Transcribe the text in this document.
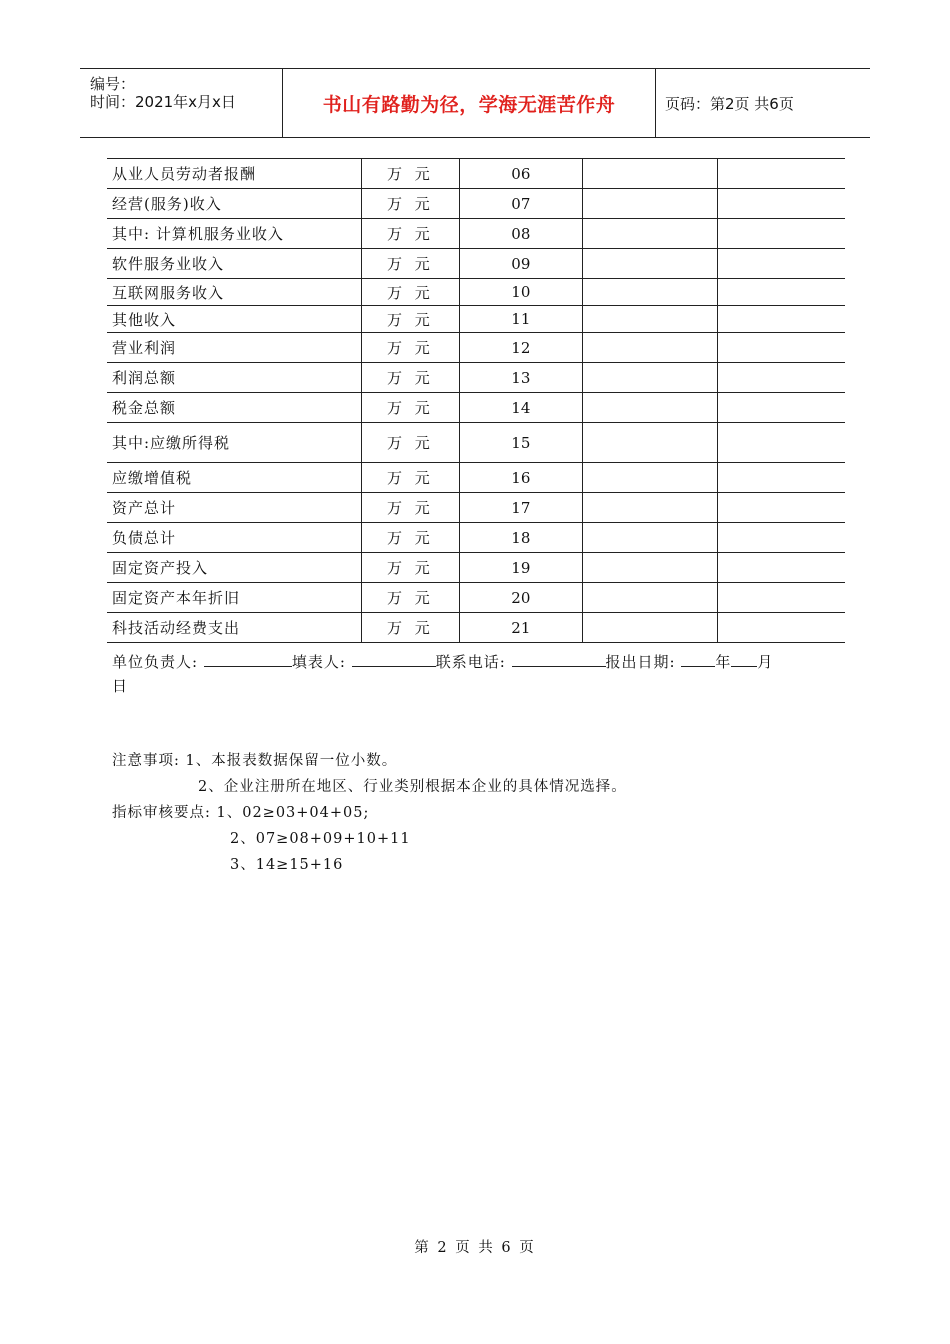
编号：
时间：2021年x月x日	书山有路勤为径，学海无涯苦作舟	页码：第2页 共6页
从业人员劳动者报酬	万 元	06		
经营(服务)收入	万 元	07		
其中: 计算机服务业收入	万 元	08		
软件服务业收入	万 元	09		
互联网服务收入	万 元	10		
其他收入	万 元	11		
营业利润	万 元	12		
利润总额	万 元	13		
税金总额	万 元	14		
其中:应缴所得税	万 元	15		
应缴增值税	万 元	16		
资产总计	万 元	17		
负债总计	万 元	18		
固定资产投入	万 元	19		
固定资产本年折旧	万 元	20		
科技活动经费支出	万 元	21		
单位负责人:	填表人:	联系电话:	报出日期:	年 月
日
注意事项: 1、本报表数据保留一位小数。
2、企业注册所在地区、行业类别根据本企业的具体情况选择。
指标审核要点: 1、02≥03+04+05;
2、07≥08+09+10+11
3、14≥15+16
第 2 页 共 6 页
